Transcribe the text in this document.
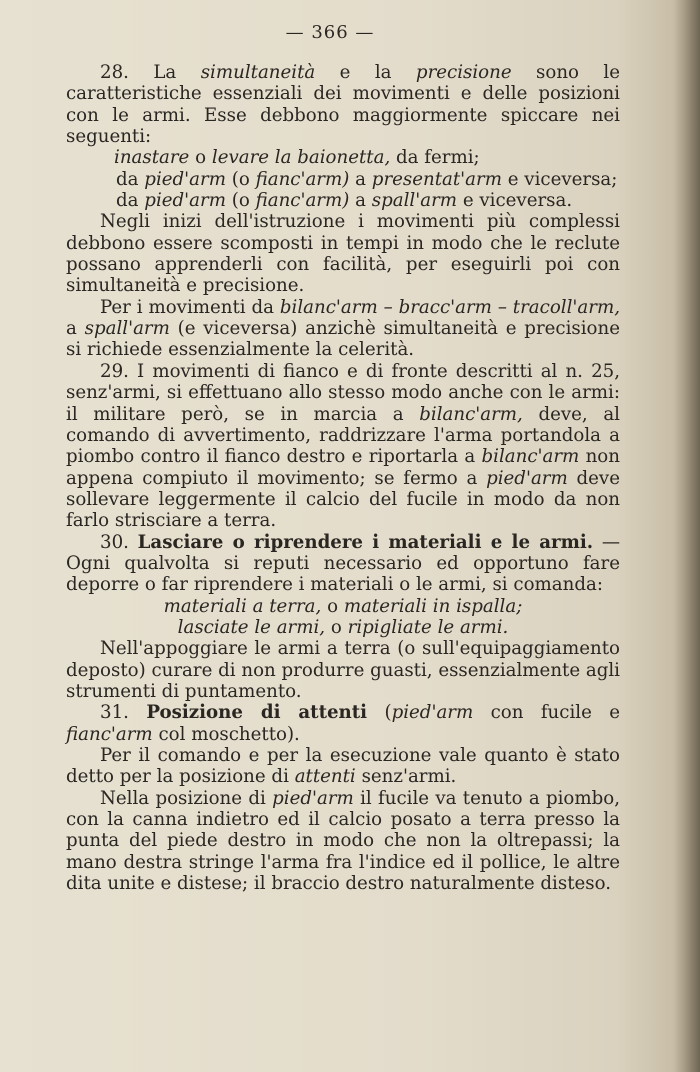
— 366 —

28. La simultaneità e la precisione sono le caratteristiche essenziali dei movimenti e delle posizioni con le armi. Esse debbono maggiormente spiccare nei seguenti:

inastare o levare la baionetta, da fermi;

da pied'arm (o fianc'arm) a presentat'arm e viceversa;

da pied'arm (o fianc'arm) a spall'arm e viceversa.

Negli inizi dell'istruzione i movimenti più complessi debbono essere scomposti in tempi in modo che le reclute possano apprenderli con facilità, per eseguirli poi con simultaneità e precisione.

Per i movimenti da bilanc'arm – bracc'arm – tracoll'arm, a spall'arm (e viceversa) anzichè simultaneità e precisione si richiede essenzialmente la celerità.

29. I movimenti di fianco e di fronte descritti al n. 25, senz'armi, si effettuano allo stesso modo anche con le armi: il militare però, se in marcia a bilanc'arm, deve, al comando di avvertimento, raddrizzare l'arma portandola a piombo contro il fianco destro e riportarla a bilanc'arm non appena compiuto il movimento; se fermo a pied'arm deve sollevare leggermente il calcio del fucile in modo da non farlo strisciare a terra.

30. Lasciare o riprendere i materiali e le armi. — Ogni qualvolta si reputi necessario ed opportuno fare deporre o far riprendere i materiali o le armi, si comanda:

materiali a terra, o materiali in ispalla;

lasciate le armi, o ripigliate le armi.

Nell'appoggiare le armi a terra (o sull'equipaggiamento deposto) curare di non produrre guasti, essenzialmente agli strumenti di puntamento.

31. Posizione di attenti (pied'arm con fucile e fianc'arm col moschetto).

Per il comando e per la esecuzione vale quanto è stato detto per la posizione di attenti senz'armi.

Nella posizione di pied'arm il fucile va tenuto a piombo, con la canna indietro ed il calcio posato a terra presso la punta del piede destro in modo che non la oltrepassi; la mano destra stringe l'arma fra l'indice ed il pollice, le altre dita unite e distese; il braccio destro naturalmente disteso.
